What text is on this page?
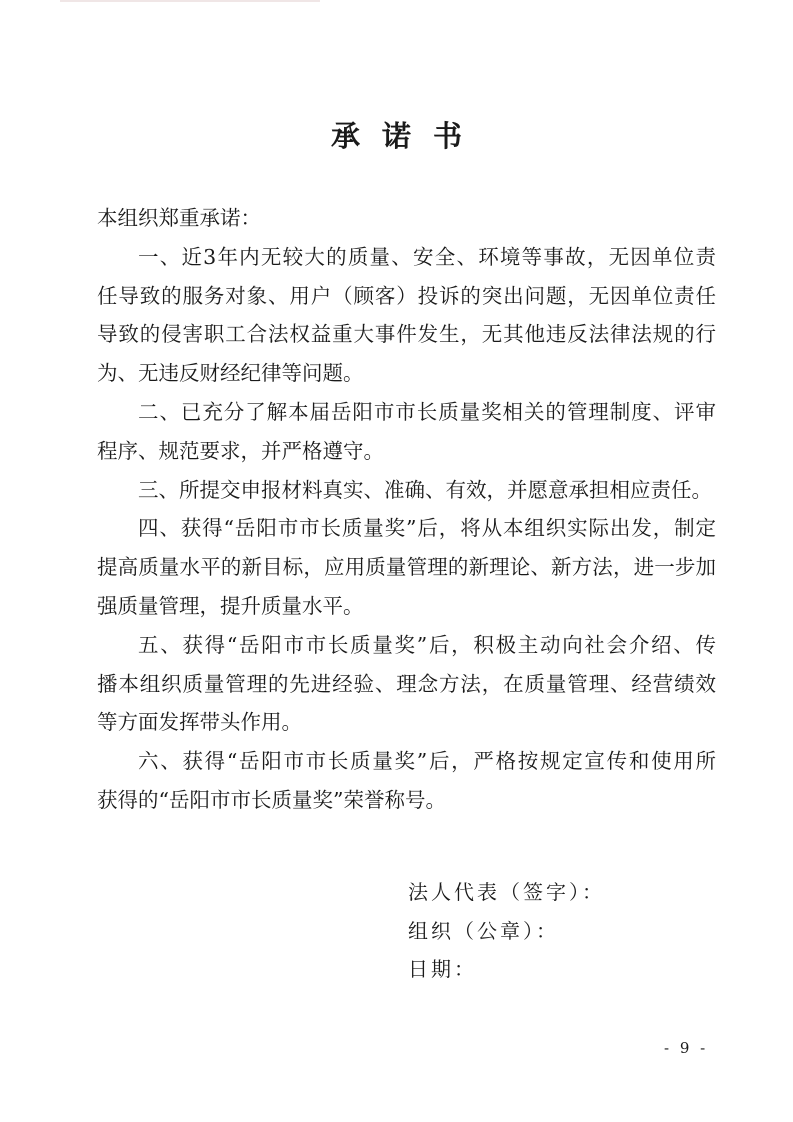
承诺书
本组织郑重承诺：
一、近3年内无较大的质量、安全、环境等事故，无因单位责
任导致的服务对象、用户（顾客）投诉的突出问题，无因单位责任
导致的侵害职工合法权益重大事件发生，无其他违反法律法规的行
为、无违反财经纪律等问题。
二、已充分了解本届岳阳市市长质量奖相关的管理制度、评审
程序、规范要求，并严格遵守。
三、所提交申报材料真实、准确、有效，并愿意承担相应责任。
四、获得“岳阳市市长质量奖”后，将从本组织实际出发，制定
提高质量水平的新目标，应用质量管理的新理论、新方法，进一步加
强质量管理，提升质量水平。
五、获得“岳阳市市长质量奖”后，积极主动向社会介绍、传
播本组织质量管理的先进经验、理念方法，在质量管理、经营绩效
等方面发挥带头作用。
六、获得“岳阳市市长质量奖”后，严格按规定宣传和使用所
获得的“岳阳市市长质量奖”荣誉称号。
法人代表（签字）：
组织（公章）：
日期：
- 9 -
